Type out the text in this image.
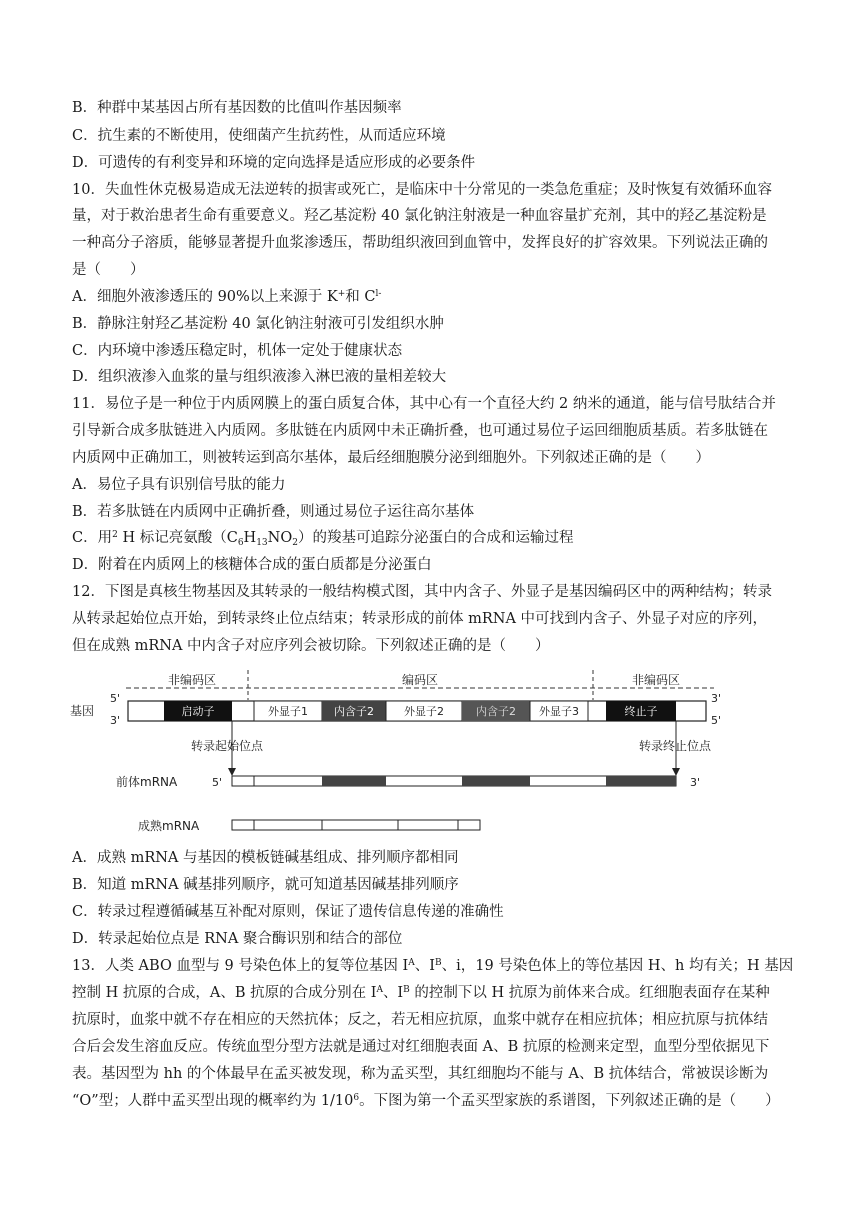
B．种群中某基因占所有基因数的比值叫作基因频率
C．抗生素的不断使用，使细菌产生抗药性，从而适应环境
D．可遗传的有利变异和环境的定向选择是适应形成的必要条件
10．失血性休克极易造成无法逆转的损害或死亡，是临床中十分常见的一类急危重症；及时恢复有效循环血容
量，对于救治患者生命有重要意义。羟乙基淀粉 40 氯化钠注射液是一种血容量扩充剂，其中的羟乙基淀粉是
一种高分子溶质，能够显著提升血浆渗透压，帮助组织液回到血管中，发挥良好的扩容效果。下列说法正确的
是（　　）
A．细胞外液渗透压的 90%以上来源于 K+和 $C^{l-}$
B．静脉注射羟乙基淀粉 40 氯化钠注射液可引发组织水肿
C．内环境中渗透压稳定时，机体一定处于健康状态
D．组织液渗入血浆的量与组织液渗入淋巴液的量相差较大
11．易位子是一种位于内质网膜上的蛋白质复合体，其中心有一个直径大约 2 纳米的通道，能与信号肽结合并
引导新合成多肽链进入内质网。多肽链在内质网中未正确折叠，也可通过易位子运回细胞质基质。若多肽链在
内质网中正确加工，则被转运到高尔基体，最后经细胞膜分泌到细胞外。下列叙述正确的是（　　）
A．易位子具有识别信号肽的能力
B．若多肽链在内质网中正确折叠，则通过易位子运往高尔基体
C．用$^2$ H 标记亮氨酸$(C_6H_{13}NO_2)$的羧基可追踪分泌蛋白的合成和运输过程
D．附着在内质网上的核糖体合成的蛋白质都是分泌蛋白
12．下图是真核生物基因及其转录的一般结构模式图，其中内含子、外显子是基因编码区中的两种结构；转录
从转录起始位点开始，到转录终止位点结束；转录形成的前体 mRNA 中可找到内含子、外显子对应的序列，
但在成熟 mRNA 中内含子对应序列会被切除。下列叙述正确的是（　　）
非编码区	编码区	非编码区
基因
5'
3'
3'
5'
启动子	外显子1 内含子2	外显子2	内含子2 外显子3	终止子
转录起始位点	转录终止位点
前体mRNA	5'	3'
成熟mRNA
A．成熟 mRNA 与基因的模板链碱基组成、排列顺序都相同
B．知道 mRNA 碱基排列顺序，就可知道基因碱基排列顺序
C．转录过程遵循碱基互补配对原则，保证了遗传信息传递的准确性
D．转录起始位点是 RNA 聚合酶识别和结合的部位
13．人类 ABO 血型与 9 号染色体上的复等位基因 $I^A$、$I^B$、i，19 号染色体上的等位基因 H、h 均有关；H 基因
控制 H 抗原的合成，A、B 抗原的合成分别在 $I^A$、$I^B$ 的控制下以 H 抗原为前体来合成。红细胞表面存在某种
抗原时，血浆中就不存在相应的天然抗体；反之，若无相应抗原，血浆中就存在相应抗体；相应抗原与抗体结
合后会发生溶血反应。传统血型分型方法就是通过对红细胞表面 A、B 抗原的检测来定型，血型分型依据见下
表。基因型为 hh 的个体最早在孟买被发现，称为孟买型，其红细胞均不能与 A、B 抗体结合，常被误诊断为
“O”型；人群中孟买型出现的概率约为 $1/10^6$。下图为第一个孟买型家族的系谱图，下列叙述正确的是（　　）
